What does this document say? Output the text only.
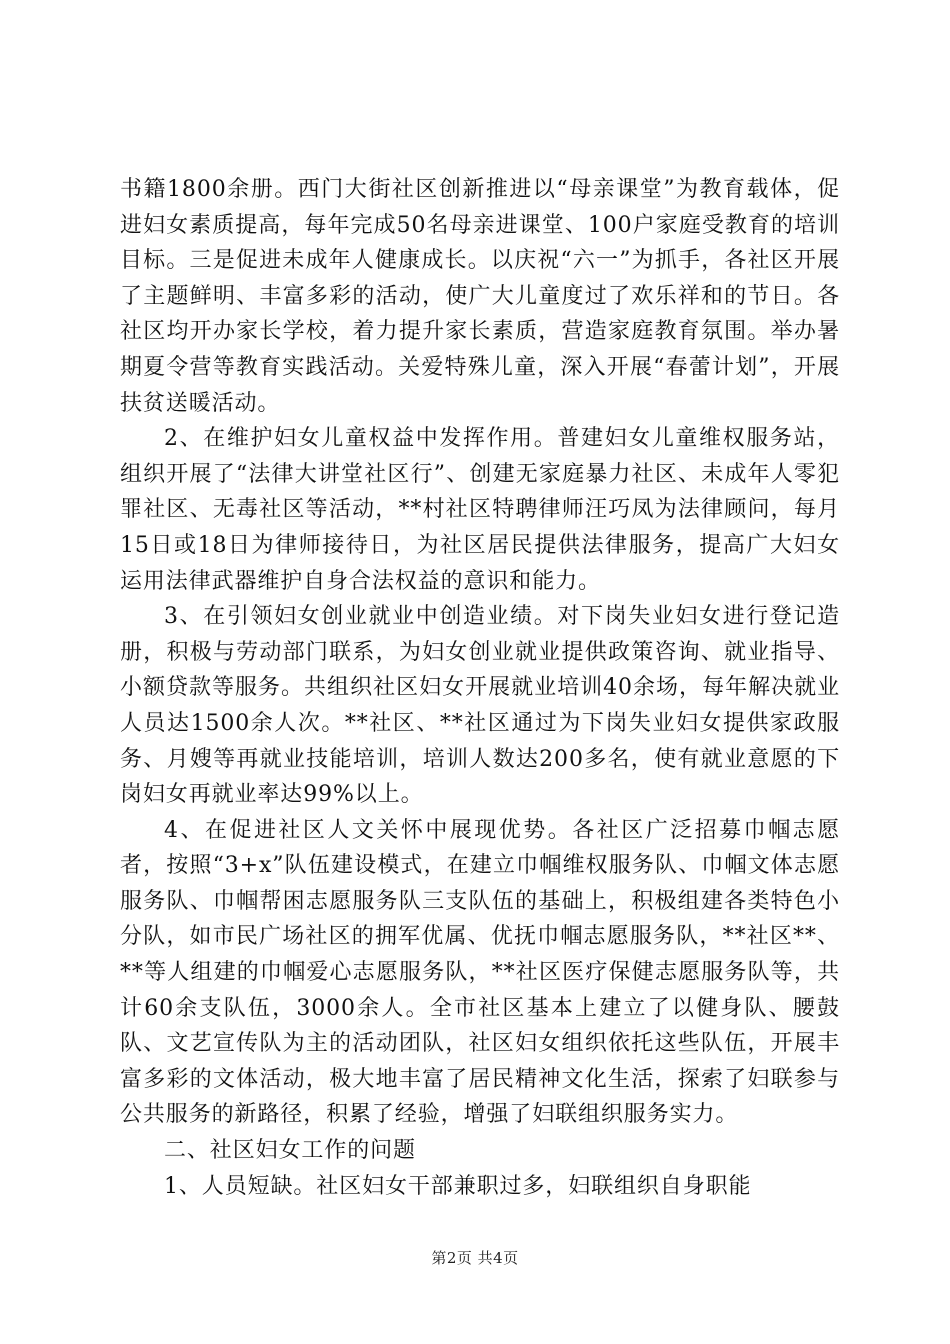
书籍1800余册。西门大街社区创新推进以“母亲课堂”为教育载体，促进妇女素质提高，每年完成50名母亲进课堂、100户家庭受教育的培训目标。三是促进未成年人健康成长。以庆祝“六一”为抓手，各社区开展了主题鲜明、丰富多彩的活动，使广大儿童度过了欢乐祥和的节日。各社区均开办家长学校，着力提升家长素质，营造家庭教育氛围。举办暑期夏令营等教育实践活动。关爱特殊儿童，深入开展“春蕾计划”，开展扶贫送暖活动。

2、在维护妇女儿童权益中发挥作用。普建妇女儿童维权服务站，组织开展了“法律大讲堂社区行”、创建无家庭暴力社区、未成年人零犯罪社区、无毒社区等活动，**村社区特聘律师汪巧凤为法律顾问，每月15日或18日为律师接待日，为社区居民提供法律服务，提高广大妇女运用法律武器维护自身合法权益的意识和能力。

3、在引领妇女创业就业中创造业绩。对下岗失业妇女进行登记造册，积极与劳动部门联系，为妇女创业就业提供政策咨询、就业指导、小额贷款等服务。共组织社区妇女开展就业培训40余场，每年解决就业人员达1500余人次。**社区、**社区通过为下岗失业妇女提供家政服务、月嫂等再就业技能培训，培训人数达200多名，使有就业意愿的下岗妇女再就业率达99%以上。

4、在促进社区人文关怀中展现优势。各社区广泛招募巾帼志愿者，按照“3+x”队伍建设模式，在建立巾帼维权服务队、巾帼文体志愿服务队、巾帼帮困志愿服务队三支队伍的基础上，积极组建各类特色小分队，如市民广场社区的拥军优属、优抚巾帼志愿服务队，**社区**、**等人组建的巾帼爱心志愿服务队，**社区医疗保健志愿服务队等，共计60余支队伍，3000余人。全市社区基本上建立了以健身队、腰鼓队、文艺宣传队为主的活动团队，社区妇女组织依托这些队伍，开展丰富多彩的文体活动，极大地丰富了居民精神文化生活，探索了妇联参与公共服务的新路径，积累了经验，增强了妇联组织服务实力。

二、社区妇女工作的问题

1、人员短缺。社区妇女干部兼职过多，妇联组织自身职能

第2页 共4页
